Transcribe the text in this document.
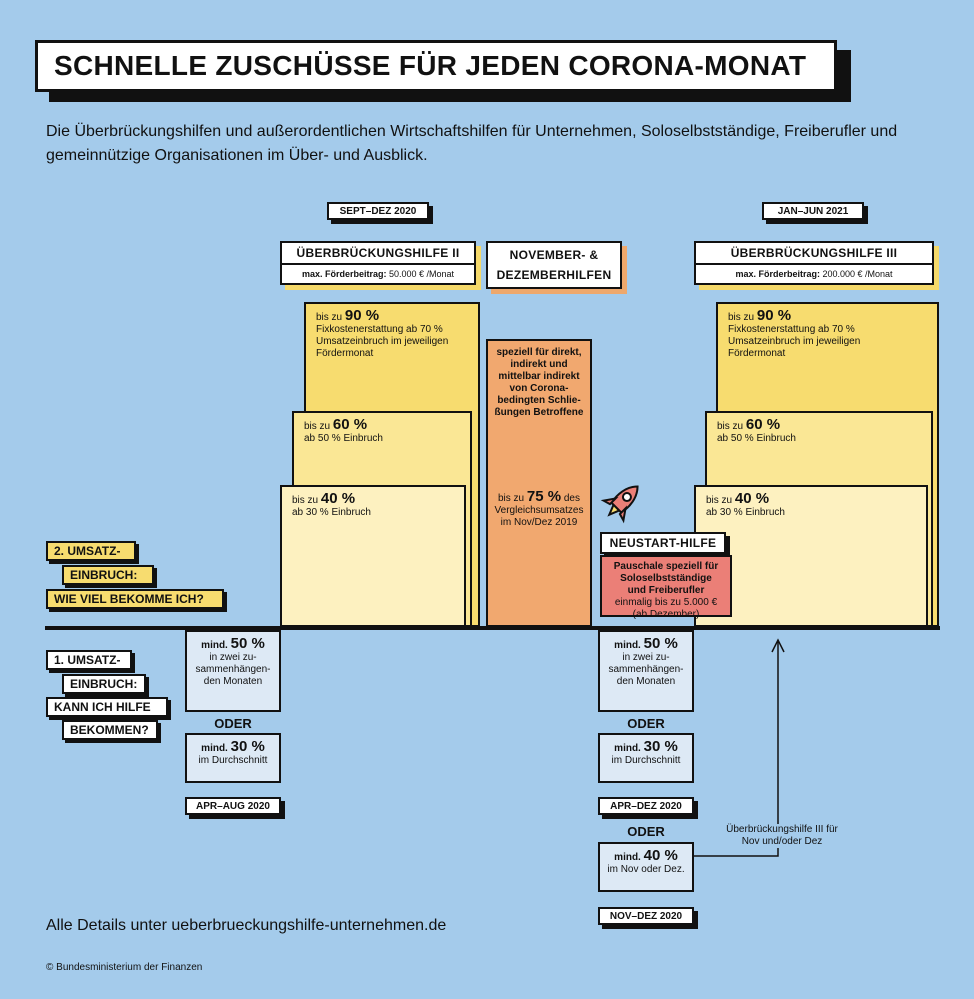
SCHNELLE ZUSCHÜSSE FÜR JEDEN CORONA-MONAT
Die Überbrückungshilfen und außerordentlichen Wirtschaftshilfen für Unternehmen, Soloselbstständige, Freiberufler und gemeinnützige Organisationen im Über- und Ausblick.
SEPT–DEZ 2020	JAN–JUN 2021
ÜBERBRÜCKUNGSHILFE II
max. Förderbeitrag:
50.000 € /Monat
bis zu 90 %

Fixkostenerstattung ab 70 % Umsatzeinbruch im jeweiligen Fördermonat
bis zu 60 %
ab 50 % Einbruch
bis zu 40 %
ab 30 % Einbruch
NOVEMBER- &
DEZEMBERHILFEN
speziell für direkt, indirekt und mittelbar indirekt von Corona-bedingten Schlie-ßungen Betroffene
bis zu 75 % des Vergleichsumsatzes im Nov/Dez 2019
ÜBERBRÜCKUNGSHILFE III
max. Förderbeitrag:
200.000 € /Monat
bis zu 90 %

Fixkostenerstattung ab 70 % Umsatzeinbruch im jeweiligen Fördermonat
bis zu 60 %
ab 50 % Einbruch
bis zu 40 %
ab 30 % Einbruch
NEUSTART-HILFE
Pauschale speziell für Soloselbstständige und Freiberufler einmalig bis zu 5.000 € (ab Dezember)
2. UMSATZ-
EINBRUCH:
WIE VIEL BEKOMME ICH?
1. UMSATZ-
EINBRUCH:
KANN ICH HILFE
BEKOMMEN?
mind. 50 %
in zwei zu-sammenhängen-den Monaten
ODER
mind. 30 %
im Durchschnitt
APR–AUG 2020
mind. 50 %
in zwei zu-sammenhängen-den Monaten
ODER
mind. 30 %
im Durchschnitt
APR–DEZ 2020
ODER
mind. 40 %
im Nov oder Dez.
NOV–DEZ 2020
Überbrückungshilfe III für Nov und/oder Dez
Alle Details unter ueberbrueckungshilfe-unternehmen.de
© Bundesministerium der Finanzen
